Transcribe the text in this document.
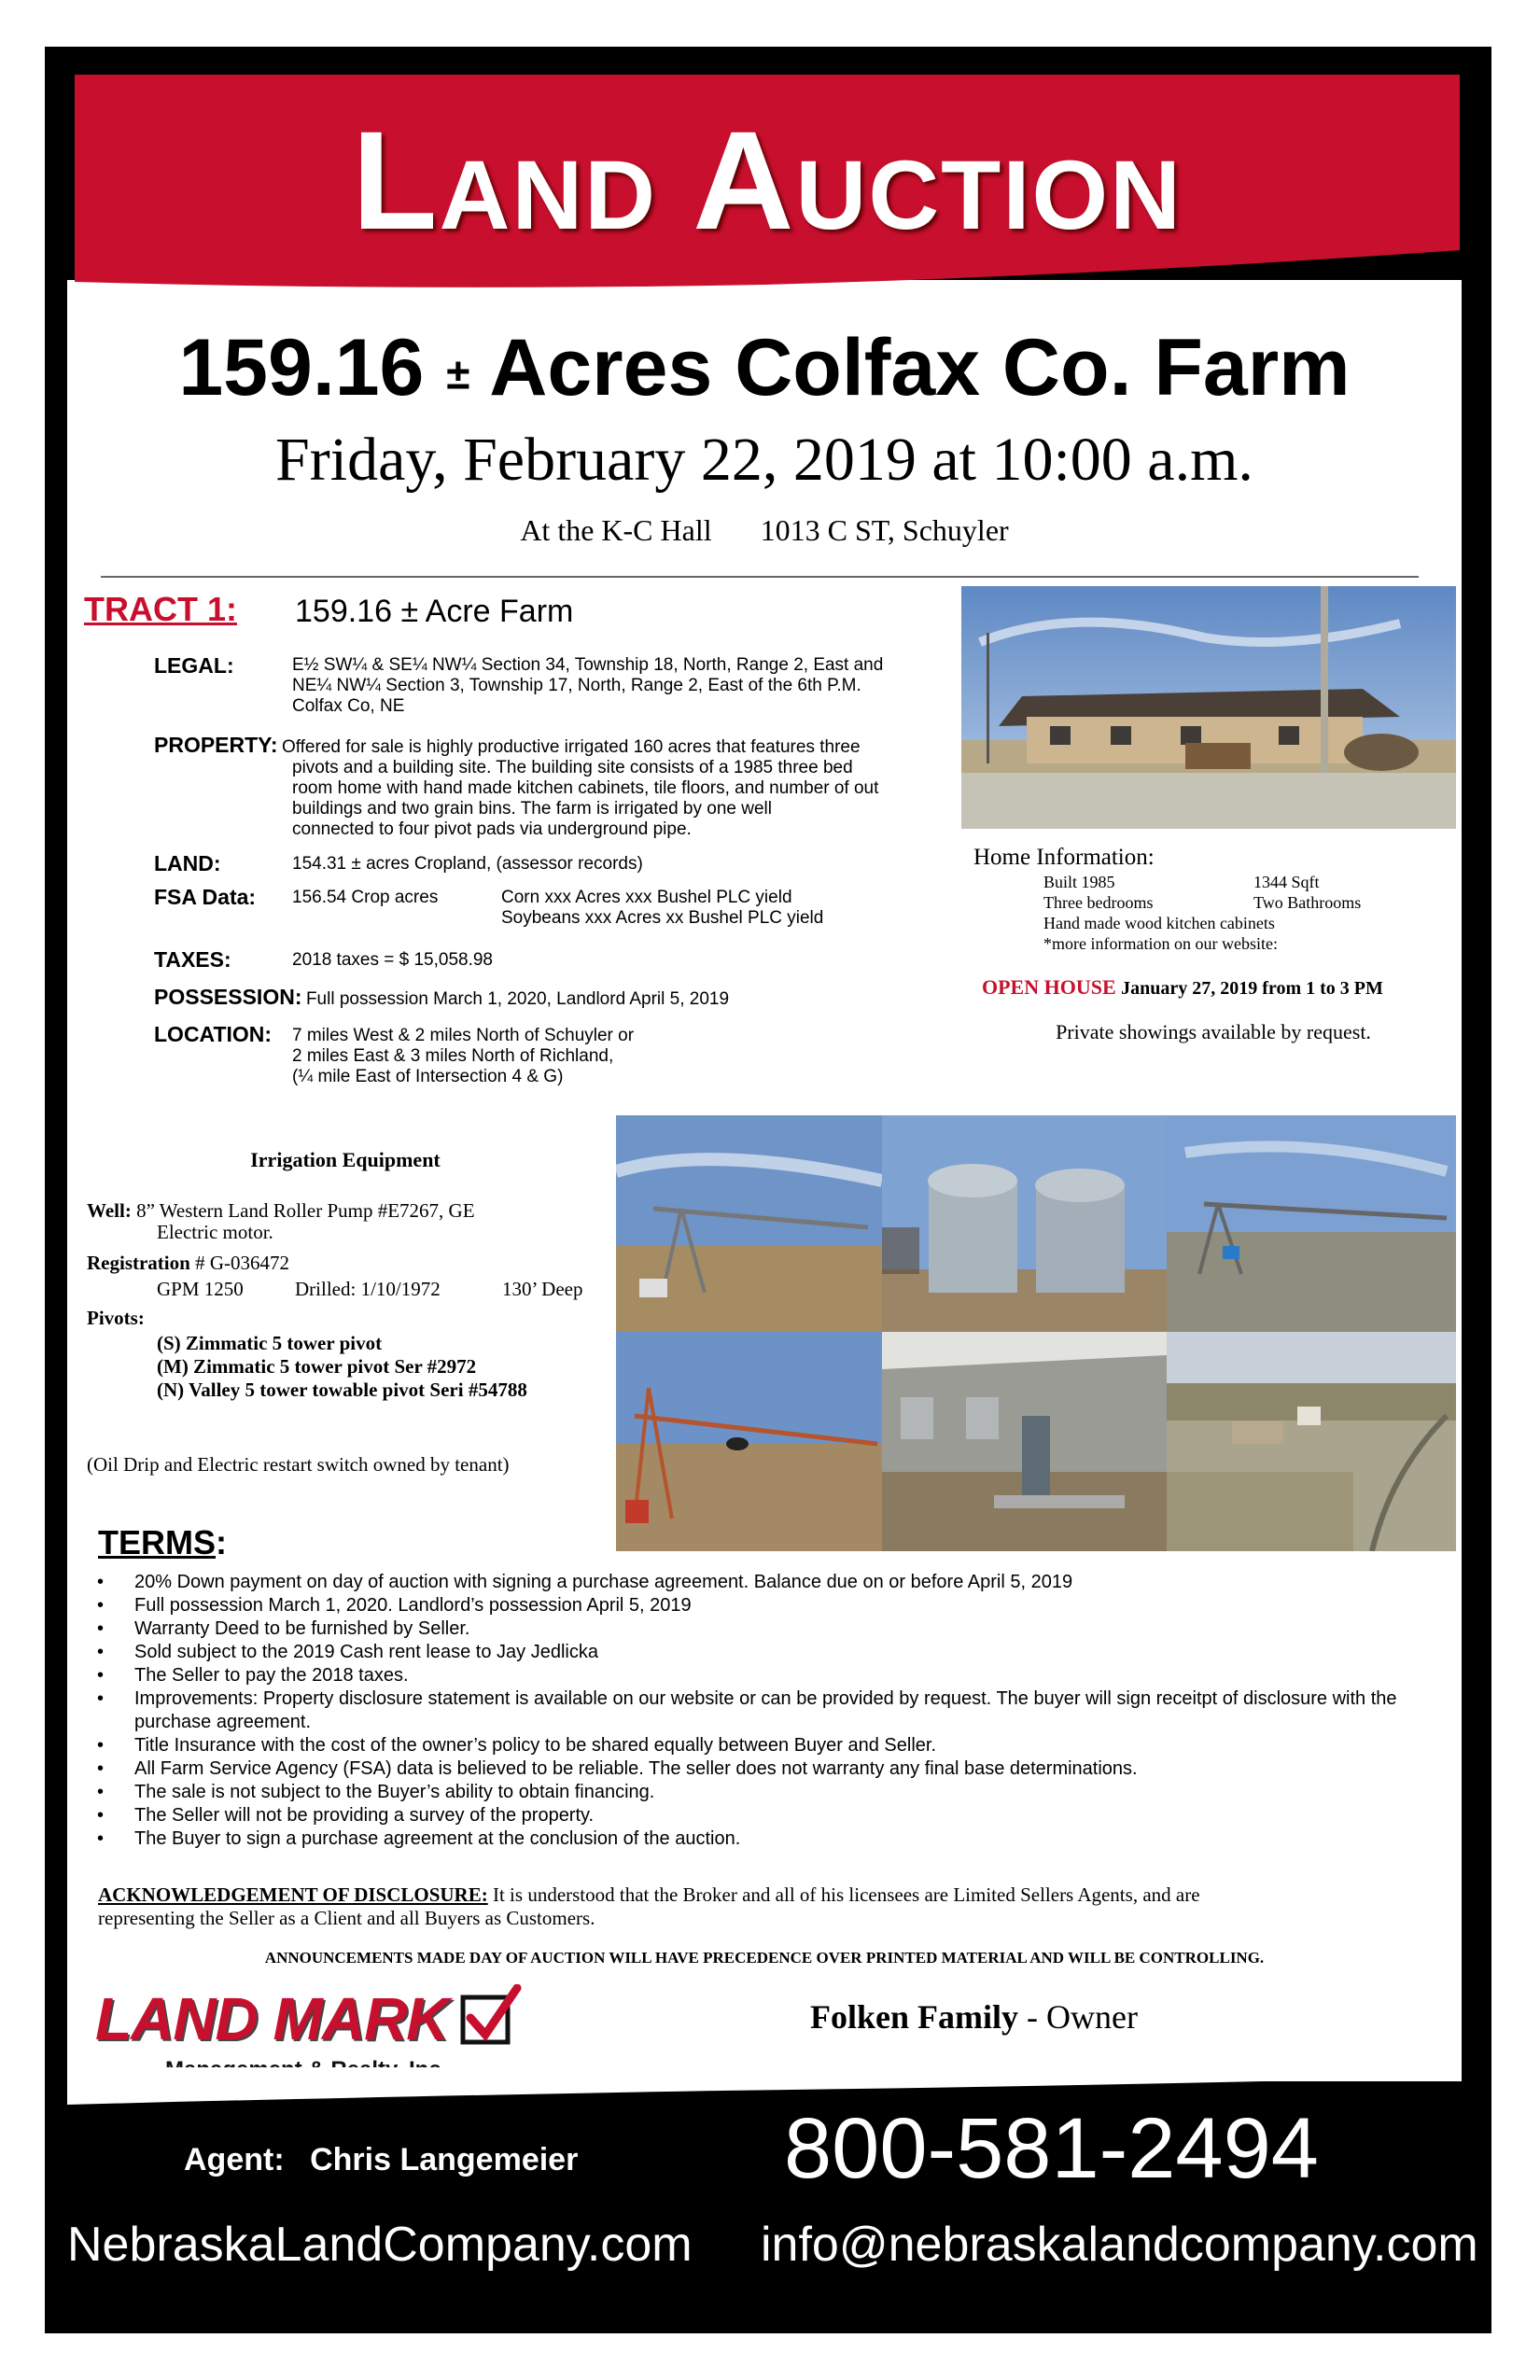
Land Auction
159.16 ± Acres Colfax Co. Farm
Friday, February 22, 2019 at 10:00 a.m.
At the K-C Hall 1013 C ST, Schuyler
TRACT 1: 159.16 ± Acre Farm
LEGAL:	E½ SW¼ & SE¼ NW¼ Section 34, Township 18, North, Range 2, East and
NE¼ NW¼ Section 3, Township 17, North, Range 2, East of the 6th P.M.
Colfax Co, NE
PROPERTY: Offered for sale is highly productive irrigated 160 acres that features three
pivots and a building site. The building site consists of a 1985 three bed
room home with hand made kitchen cabinets, tile floors, and number of out
buildings and two grain bins. The farm is irrigated by one well
connected to four pivot pads via underground pipe.
LAND:	154.31 ± acres Cropland, (assessor records)
FSA Data: 156.54 Crop acres	Corn xxx Acres xxx Bushel PLC yield
Soybeans xxx Acres xx Bushel PLC yield
TAXES:	2018 taxes = $ 15,058.98
POSSESSION: Full possession March 1, 2020, Landlord April 5, 2019
LOCATION: 7 miles West & 2 miles North of Schuyler or
2 miles East & 3 miles North of Richland,
(¼ mile East of Intersection 4 & G)
Home Information:
Built 1985	1344 Sqft
Three bedrooms	Two Bathrooms
Hand made wood kitchen cabinets
*more information on our website:
OPEN HOUSE January 27, 2019 from 1 to 3 PM
Private showings available by request.
Irrigation Equipment
Well: 8” Western Land Roller Pump #E7267, GE
Electric motor.
Registration # G-036472
GPM 1250	Drilled: 1/10/1972	130’ Deep
Pivots:
(S) Zimmatic 5 tower pivot
(M) Zimmatic 5 tower pivot Ser #2972
(N) Valley 5 tower towable pivot Seri #54788
(Oil Drip and Electric restart switch owned by tenant)
TERMS:
• 20% Down payment on day of auction with signing a purchase agreement. Balance due on or before April 5, 2019
• Full possession March 1, 2020. Landlord’s possession April 5, 2019
• Warranty Deed to be furnished by Seller.
• Sold subject to the 2019 Cash rent lease to Jay Jedlicka
• The Seller to pay the 2018 taxes.
• Improvements: Property disclosure statement is available on our website or can be provided by request. The buyer will sign receitpt of disclosure with the purchase agreement.
• Title Insurance with the cost of the owner’s policy to be shared equally between Buyer and Seller.
• All Farm Service Agency (FSA) data is believed to be reliable. The seller does not warranty any final base determinations.
• The sale is not subject to the Buyer’s ability to obtain financing.
• The Seller will not be providing a survey of the property.
• The Buyer to sign a purchase agreement at the conclusion of the auction.
ACKNOWLEDGEMENT OF DISCLOSURE: It is understood that the Broker and all of his licensees are Limited Sellers Agents, and are
representing the Seller as a Client and all Buyers as Customers.
ANNOUNCEMENTS MADE DAY OF AUCTION WILL HAVE PRECEDENCE OVER PRINTED MATERIAL AND WILL BE CONTROLLING.
LAND MARK	Folken Family - Owner
Agent: Chris Langemeier 800-581-2494
NebraskaLandCompany.com info@nebraskalandcompany.com
